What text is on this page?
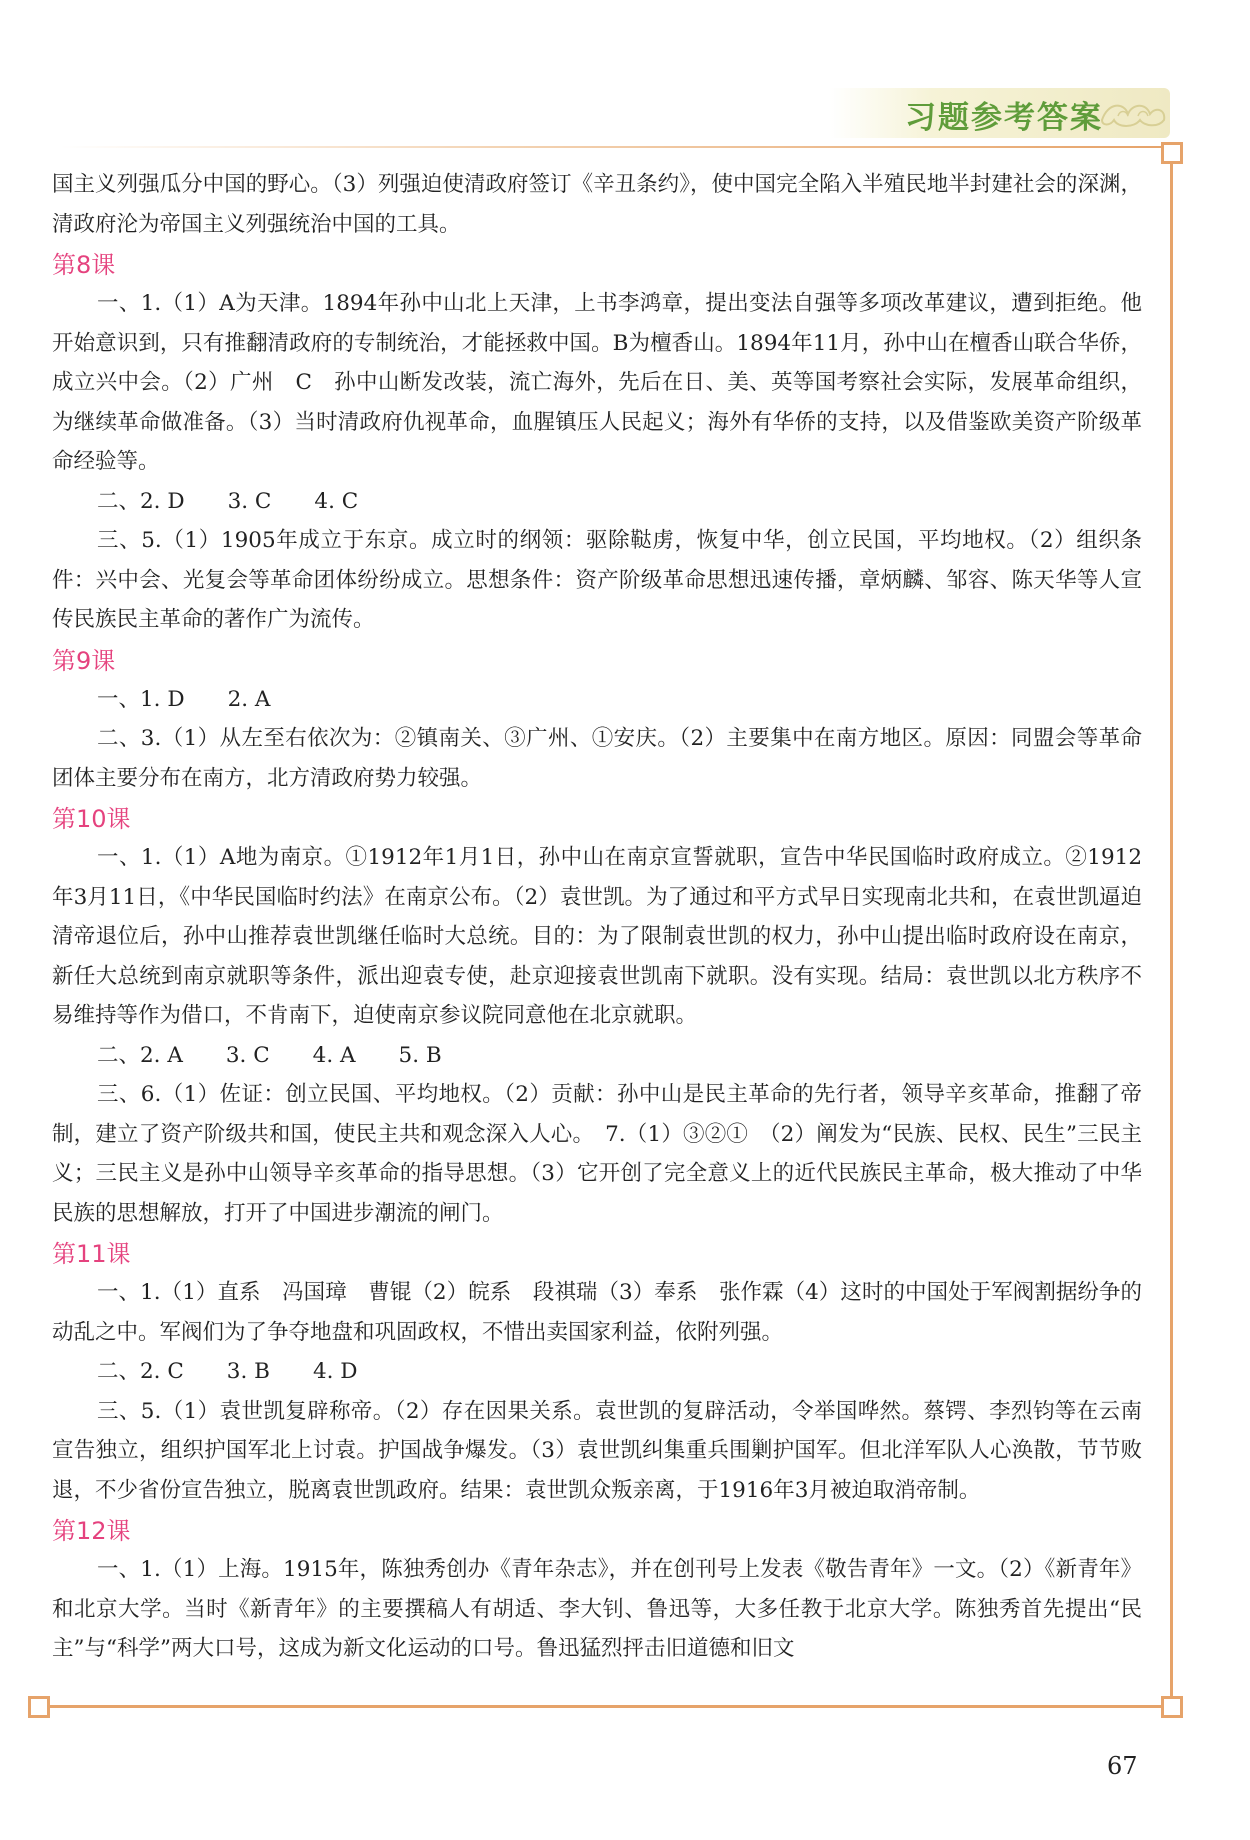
习题参考答案

国主义列强瓜分中国的野心。（3）列强迫使清政府签订《辛丑条约》，使中国完全陷入半殖民地半封建社会的深渊，清政府沦为帝国主义列强统治中国的工具。

第8课

一、1.（1）A为天津。1894年孙中山北上天津，上书李鸿章，提出变法自强等多项改革建议，遭到拒绝。他开始意识到，只有推翻清政府的专制统治，才能拯救中国。B为檀香山。1894年11月，孙中山在檀香山联合华侨，成立兴中会。（2）广州　C　孙中山断发改装，流亡海外，先后在日、美、英等国考察社会实际，发展革命组织，为继续革命做准备。（3）当时清政府仇视革命，血腥镇压人民起义；海外有华侨的支持，以及借鉴欧美资产阶级革命经验等。

二、2. D　　3. C　　4. C

三、5.（1）1905年成立于东京。成立时的纲领：驱除鞑虏，恢复中华，创立民国，平均地权。（2）组织条件：兴中会、光复会等革命团体纷纷成立。思想条件：资产阶级革命思想迅速传播，章炳麟、邹容、陈天华等人宣传民族民主革命的著作广为流传。

第9课

一、1. D　　2. A

二、3.（1）从左至右依次为：②镇南关、③广州、①安庆。（2）主要集中在南方地区。原因：同盟会等革命团体主要分布在南方，北方清政府势力较强。

第10课

一、1.（1）A地为南京。①1912年1月1日，孙中山在南京宣誓就职，宣告中华民国临时政府成立。②1912年3月11日，《中华民国临时约法》在南京公布。（2）袁世凯。为了通过和平方式早日实现南北共和，在袁世凯逼迫清帝退位后，孙中山推荐袁世凯继任临时大总统。目的：为了限制袁世凯的权力，孙中山提出临时政府设在南京，新任大总统到南京就职等条件，派出迎袁专使，赴京迎接袁世凯南下就职。没有实现。结局：袁世凯以北方秩序不易维持等作为借口，不肯南下，迫使南京参议院同意他在北京就职。

二、2. A　　3. C　　4. A　　5. B

三、6.（1）佐证：创立民国、平均地权。（2）贡献：孙中山是民主革命的先行者，领导辛亥革命，推翻了帝制，建立了资产阶级共和国，使民主共和观念深入人心。　7.（1）③②①　（2）阐发为“民族、民权、民生”三民主义；三民主义是孙中山领导辛亥革命的指导思想。（3）它开创了完全意义上的近代民族民主革命，极大推动了中华民族的思想解放，打开了中国进步潮流的闸门。

第11课

一、1.（1）直系　冯国璋　曹锟（2）皖系　段祺瑞（3）奉系　张作霖（4）这时的中国处于军阀割据纷争的动乱之中。军阀们为了争夺地盘和巩固政权，不惜出卖国家利益，依附列强。

二、2. C　　3. B　　4. D

三、5.（1）袁世凯复辟称帝。（2）存在因果关系。袁世凯的复辟活动，令举国哗然。蔡锷、李烈钧等在云南宣告独立，组织护国军北上讨袁。护国战争爆发。（3）袁世凯纠集重兵围剿护国军。但北洋军队人心涣散，节节败退，不少省份宣告独立，脱离袁世凯政府。结果：袁世凯众叛亲离，于1916年3月被迫取消帝制。

第12课

一、1.（1）上海。1915年，陈独秀创办《青年杂志》，并在创刊号上发表《敬告青年》一文。（2）《新青年》和北京大学。当时《新青年》的主要撰稿人有胡适、李大钊、鲁迅等，大多任教于北京大学。陈独秀首先提出“民主”与“科学”两大口号，这成为新文化运动的口号。鲁迅猛烈抨击旧道德和旧文

67
